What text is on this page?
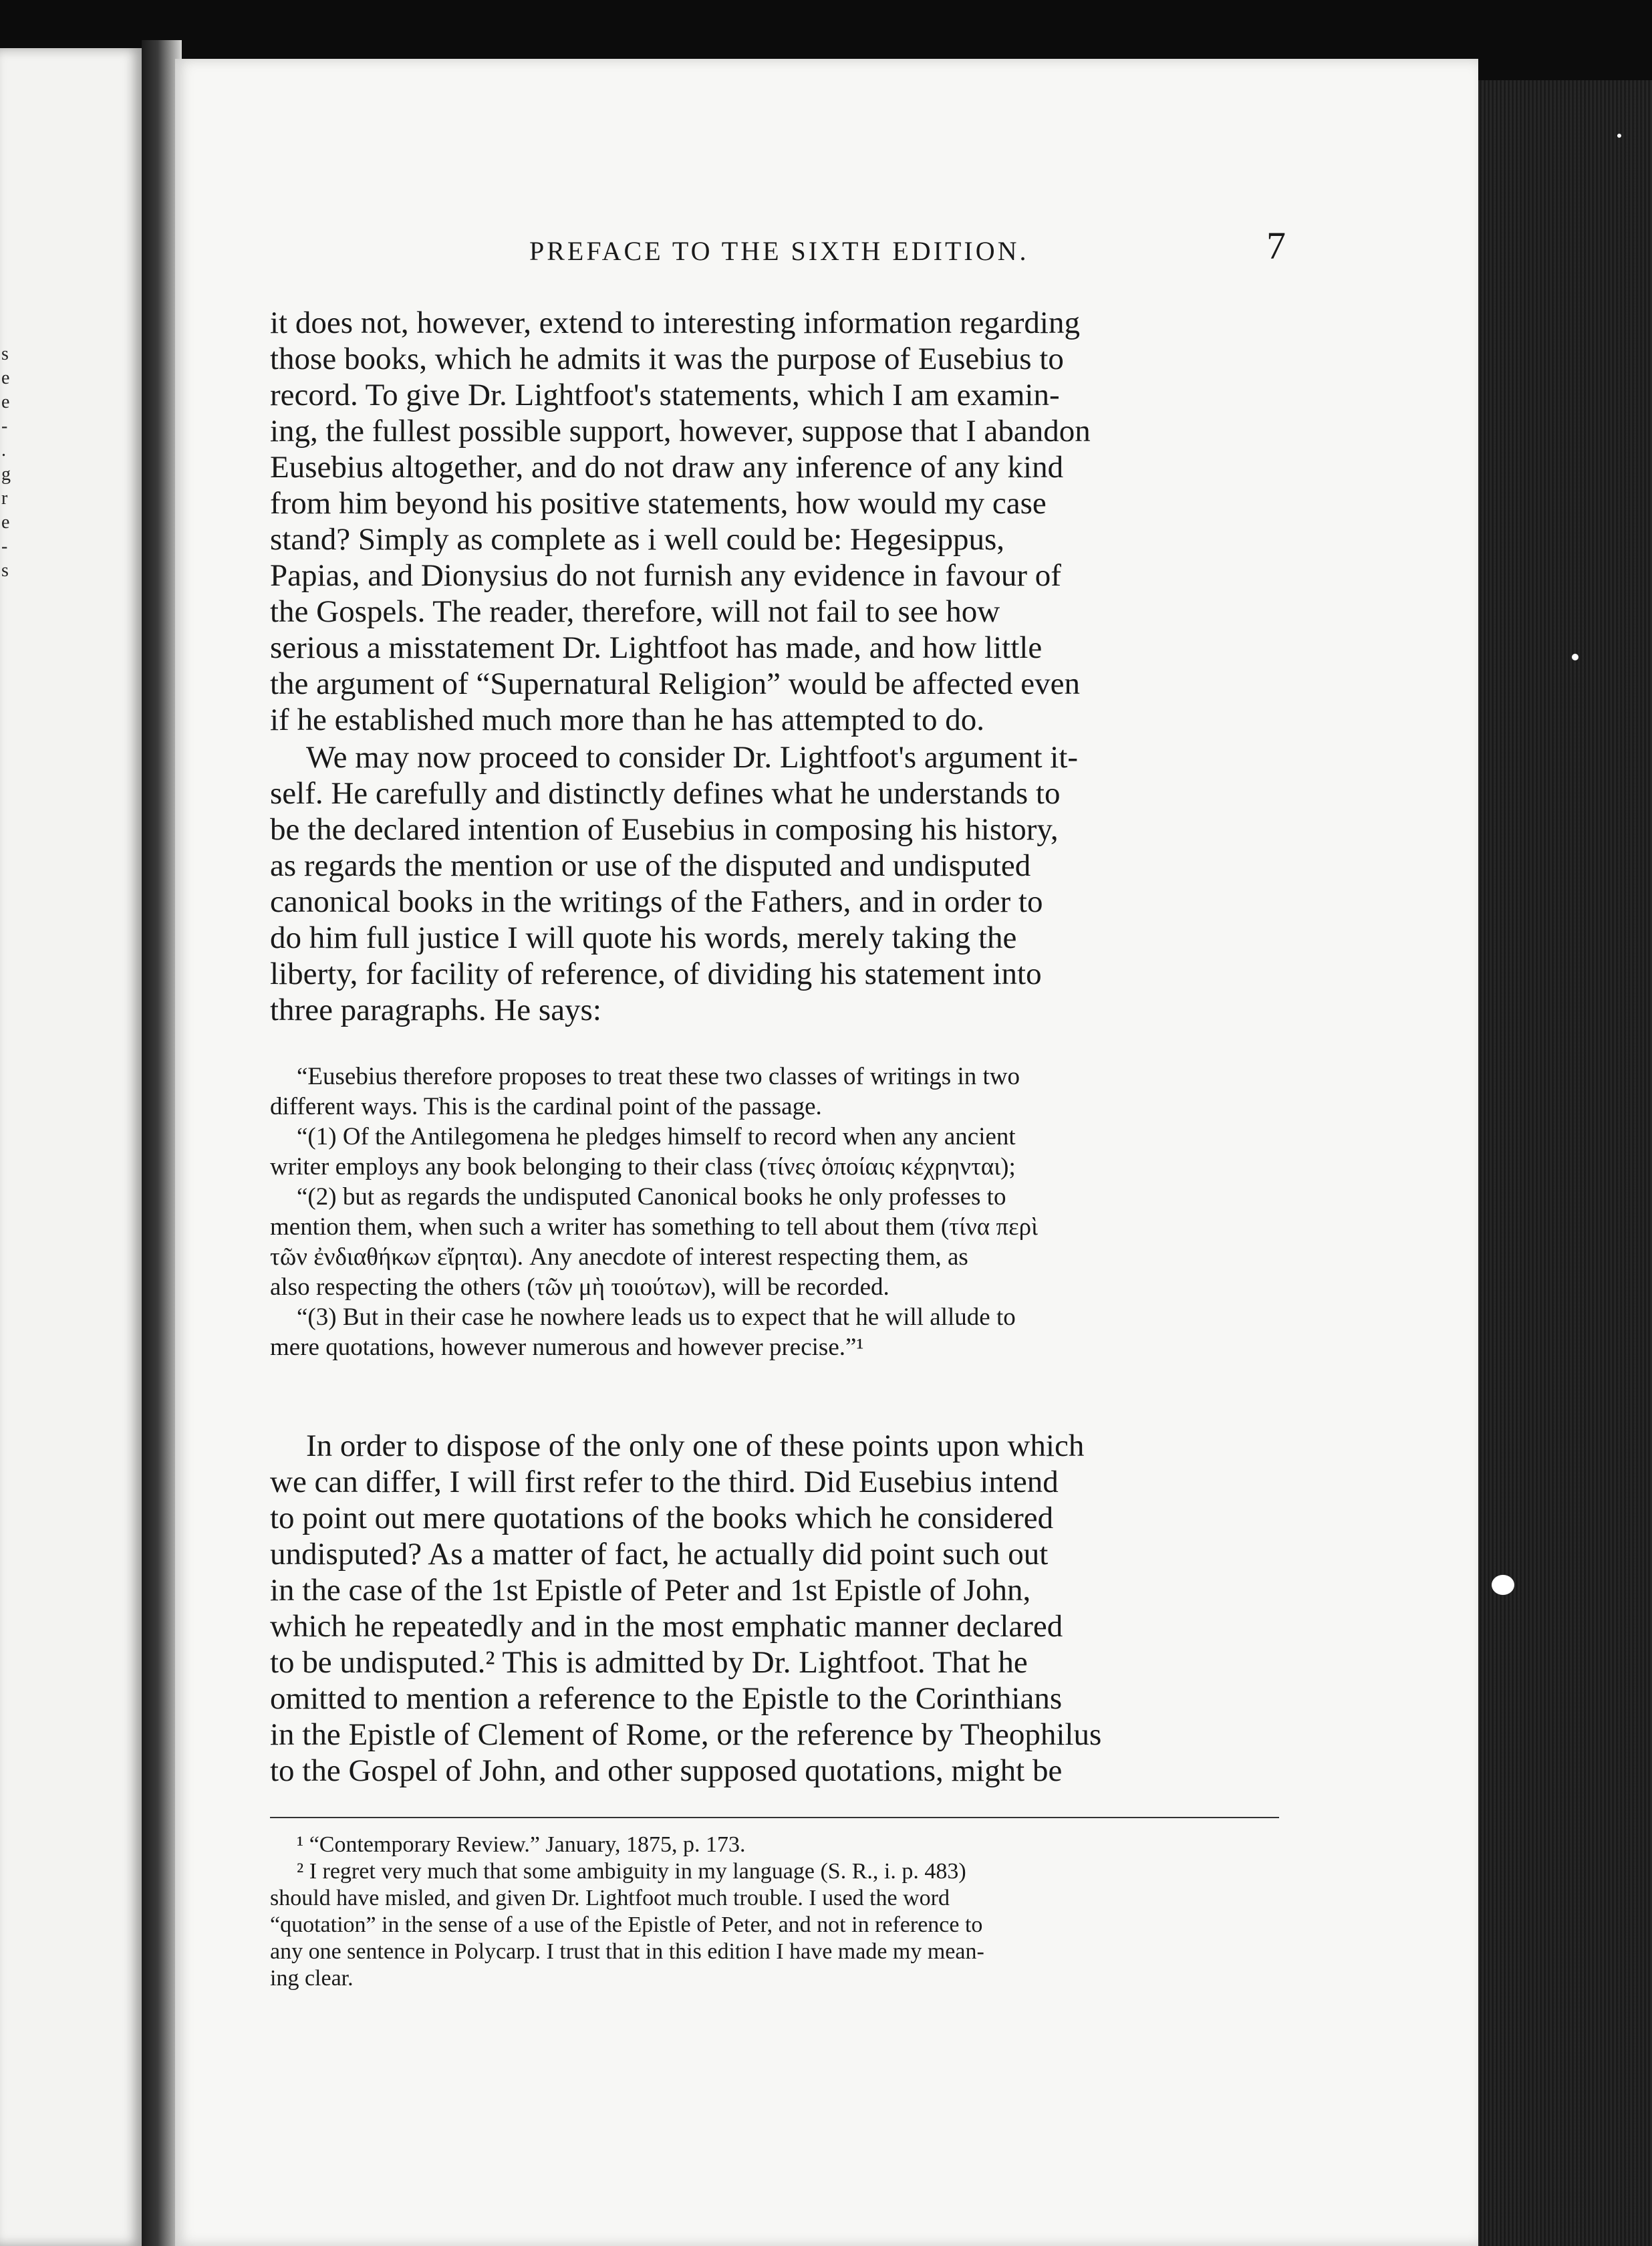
s
e
e
-
.
g
r
e
-
s
PREFACE TO THE SIXTH EDITION.	7
it does not, however, extend to interesting information regarding
those books, which he admits it was the purpose of Eusebius to
record. To give Dr. Lightfoot's statements, which I am examin-
ing, the fullest possible support, however, suppose that I abandon
Eusebius altogether, and do not draw any inference of any kind
from him beyond his positive statements, how would my case
stand? Simply as complete as i well could be: Hegesippus,
Papias, and Dionysius do not furnish any evidence in favour of
the Gospels. The reader, therefore, will not fail to see how
serious a misstatement Dr. Lightfoot has made, and how little
the argument of “Supernatural Religion” would be affected even
if he established much more than he has attempted to do.
We may now proceed to consider Dr. Lightfoot's argument it-
self. He carefully and distinctly defines what he understands to
be the declared intention of Eusebius in composing his history,
as regards the mention or use of the disputed and undisputed
canonical books in the writings of the Fathers, and in order to
do him full justice I will quote his words, merely taking the
liberty, for facility of reference, of dividing his statement into
three paragraphs. He says:
“Eusebius therefore proposes to treat these two classes of writings in two
different ways. This is the cardinal point of the passage.
“(1) Of the Antilegomena he pledges himself to record when any ancient
writer employs any book belonging to their class (τίνες ὁποίαις κέχρηνται);
“(2) but as regards the undisputed Canonical books he only professes to
mention them, when such a writer has something to tell about them (τίνα περὶ
τῶν ἐνδιαθήκων εἴρηται). Any anecdote of interest respecting them, as
also respecting the others (τῶν μὴ τοιούτων), will be recorded.
“(3) But in their case he nowhere leads us to expect that he will allude to
mere quotations, however numerous and however precise.”¹
In order to dispose of the only one of these points upon which
we can differ, I will first refer to the third. Did Eusebius intend
to point out mere quotations of the books which he considered
undisputed? As a matter of fact, he actually did point such out
in the case of the 1st Epistle of Peter and 1st Epistle of John,
which he repeatedly and in the most emphatic manner declared
to be undisputed.² This is admitted by Dr. Lightfoot. That he
omitted to mention a reference to the Epistle to the Corinthians
in the Epistle of Clement of Rome, or the reference by Theophilus
to the Gospel of John, and other supposed quotations, might be
¹ “Contemporary Review.” January, 1875, p. 173.
² I regret very much that some ambiguity in my language (S. R., i. p. 483)
should have misled, and given Dr. Lightfoot much trouble. I used the word
“quotation” in the sense of a use of the Epistle of Peter, and not in reference to
any one sentence in Polycarp. I trust that in this edition I have made my mean-
ing clear.
